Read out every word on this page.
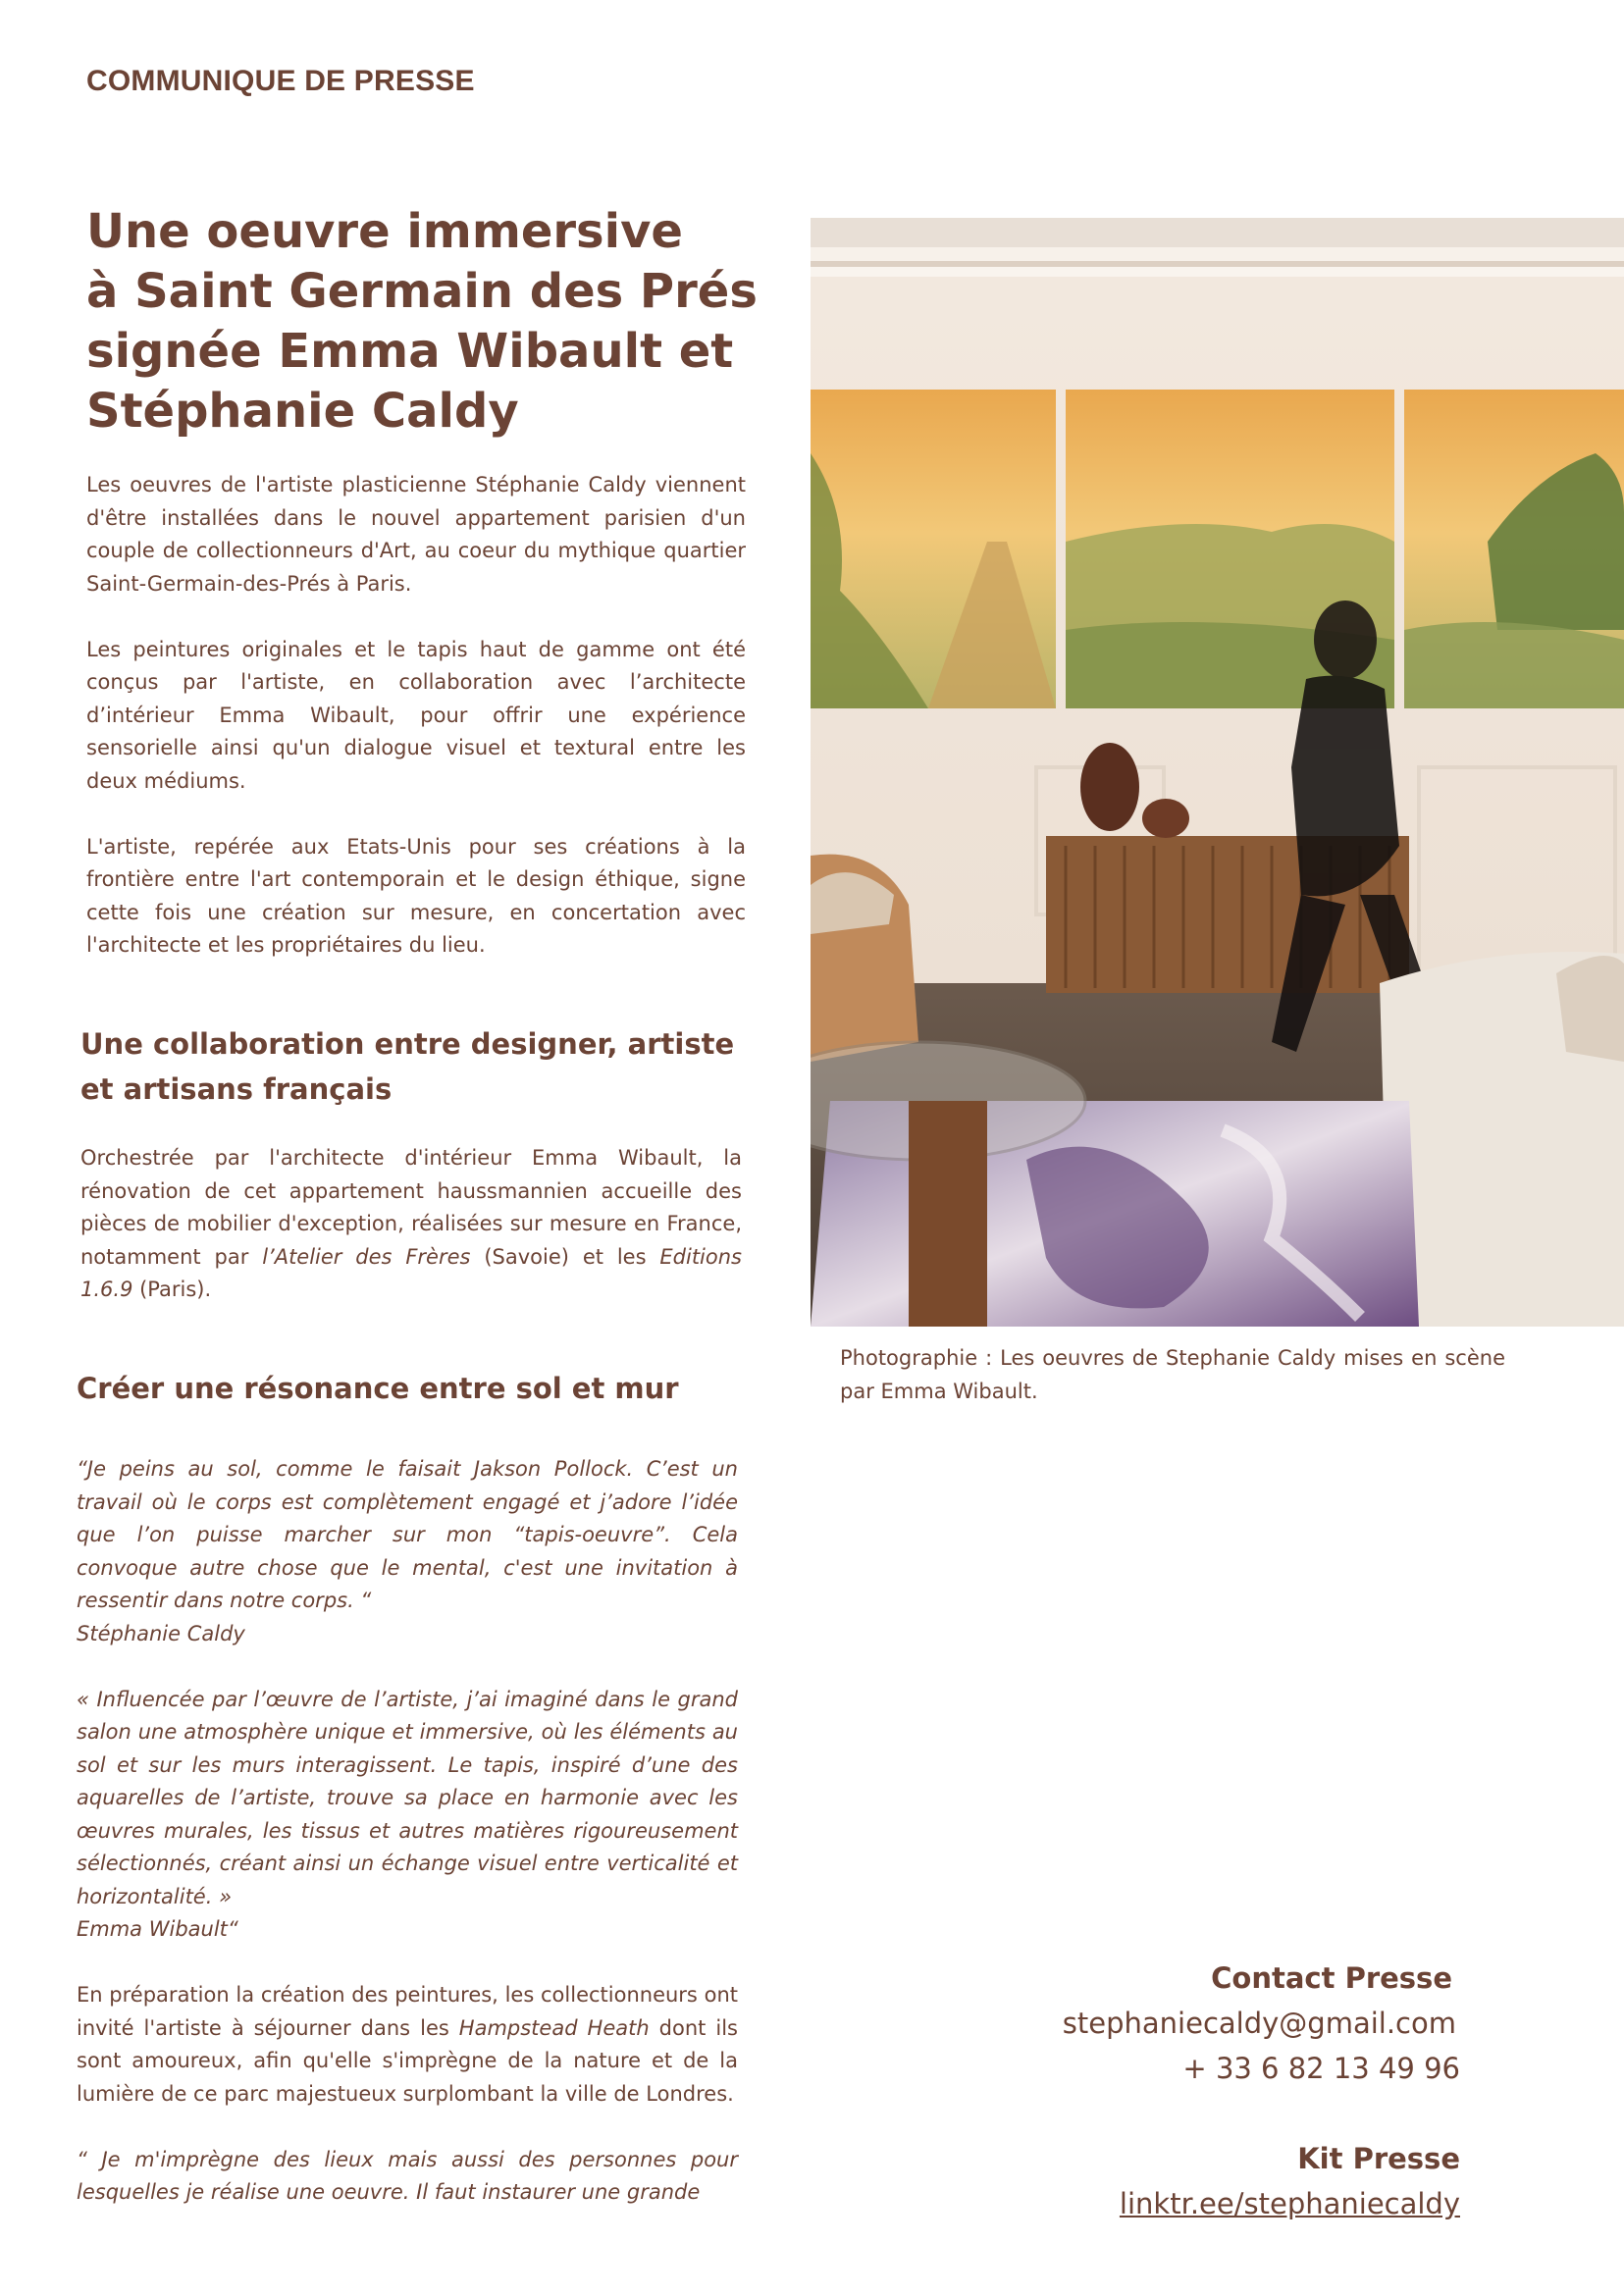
COMMUNIQUE DE PRESSE
Une oeuvre immersive
à Saint Germain des Prés
signée Emma Wibault et
Stéphanie Caldy

Les oeuvres de l'artiste plasticienne Stéphanie Caldy viennent d'être installées dans le nouvel appartement parisien d'un couple de collectionneurs d'Art, au coeur du mythique quartier Saint-Germain-des-Prés à Paris.

Les peintures originales et le tapis haut de gamme ont été conçus par l'artiste, en collaboration avec l’architecte d’intérieur Emma Wibault, pour offrir une expérience sensorielle ainsi qu'un dialogue visuel et textural entre les deux médiums.

L'artiste, repérée aux Etats-Unis pour ses créations à la frontière entre l'art contemporain et le design éthique, signe cette fois une création sur mesure, en concertation avec l'architecte et les propriétaires du lieu.

Une collaboration entre designer, artiste et artisans français
Orchestrée par l'architecte d'intérieur Emma Wibault, la rénovation de cet appartement haussmannien accueille des pièces de mobilier d'exception, réalisées sur mesure en France, notamment par l’Atelier des Frères (Savoie) et les Editions 1.6.9 (Paris).
Créer une résonance entre sol et mur

“Je peins au sol, comme le faisait Jakson Pollock. C’est un travail où le corps est complètement engagé et j’adore l’idée que l’on puisse marcher sur mon “tapis-oeuvre”. Cela convoque autre chose que le mental, c'est une invitation à ressentir dans notre corps. “

Stéphanie Caldy

« Influencée par l’œuvre de l’artiste, j’ai imaginé dans le grand salon une atmosphère unique et immersive, où les éléments au sol et sur les murs interagissent. Le tapis, inspiré d’une des aquarelles de l’artiste, trouve sa place en harmonie avec les œuvres murales, les tissus et autres matières rigoureusement sélectionnés, créant ainsi un échange visuel entre verticalité et horizontalité. »

Emma Wibault“

En préparation la création des peintures, les collectionneurs ont invité l'artiste à séjourner dans les Hampstead Heath dont ils sont amoureux, afin qu'elle s'imprègne de la nature et de la lumière de ce parc majestueux surplombant la ville de Londres.

“ Je m'imprègne des lieux mais aussi des personnes pour lesquelles je réalise une oeuvre. Il faut instaurer une grande

Photographie : Les oeuvres de Stephanie Caldy mises en scène par Emma Wibault.
Contact Presse
stephaniecaldy@gmail.com
+ 33 6 82 13 49 96
Kit Presse
linktr.ee/stephaniecaldy
